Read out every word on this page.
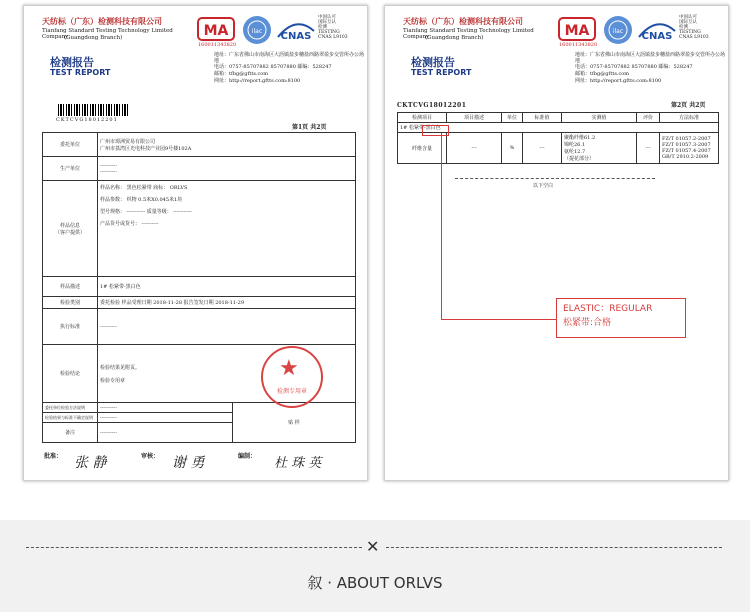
天纺标（广东）检测科技有限公司
Tianfang Standard Testing Technology Limited Company
(Guangdong Branch)	MA
160011343820
ilac CNAS
中国认可
国际互认
检测
TESTING
CNAS L9103
检测报告
TEST REPORT
地址：广东省佛山市南海区大沥镇盐步穗盐西路翠盈步交管所办公场地
电话：0757-85707882 85707880 邮编：528247
邮箱：tfbg@gftts.com
网址：http://report.gftts.com:8100
CKTCVG18012201
第1页 共2页
委托单位	广州市璟洲贸易有限公司
广州市荔湾区光电科技产业园9号楼102A	
生产单位	----------
----------	
样品信息
（客户提供）	样品名称： 黑色松紧带 商标： ORLVS
样品参数： 织物 0.5米X0.045米1块
型号规格： ----------- 质量等级： -----------
产品货号或货号： ----------	
样品描述	1# 松紧带-黑白色	
检验类别	委托检验 样品受理日期 2018-11-28 报告签发日期 2018-11-29	
执行标准	----------	
检验结论	检验结果见附页。

检验专用章	
委托单位检验方法说明	----------	贴 样
检验结果与标准不确定说明	----------	
备注	----------	
★
检测专用章
批准： 张 静	审核： 谢 勇	编制： 杜 珠 英
天纺标（广东）检测科技有限公司
Tianfang Standard Testing Technology Limited Company
(Guangdong Branch)	MA
160011343820
ilac CNAS
中国认可
国际互认
检测
TESTING
CNAS L9103
检测报告
TEST REPORT
地址：广东省佛山市南海区大沥镇盐步穗盐西路翠盈步交管所办公场地
电话：0757-85707882 85707880 邮编：528247
邮箱：tfbg@gftts.com
网址：http://report.gftts.com:8100
CKTCVG18012201	第2页 共2页
检测项目	项目描述	单位	标准值	实测值	评价	方法标准
1# 松紧带-黑白色						
纤维含量	---	%	---	聚酯纤维61.2
锦纶26.1
氨纶12.7
（提花部分）	---	FZ/T 01057.2-2007
FZ/T 01057.3-2007
FZ/T 01057.4-2007
GB/T 2910.2-2009
以下空白
ELASTIC：REGULAR
松紧带:合格
✕
叙 · ABOUT ORLVS
